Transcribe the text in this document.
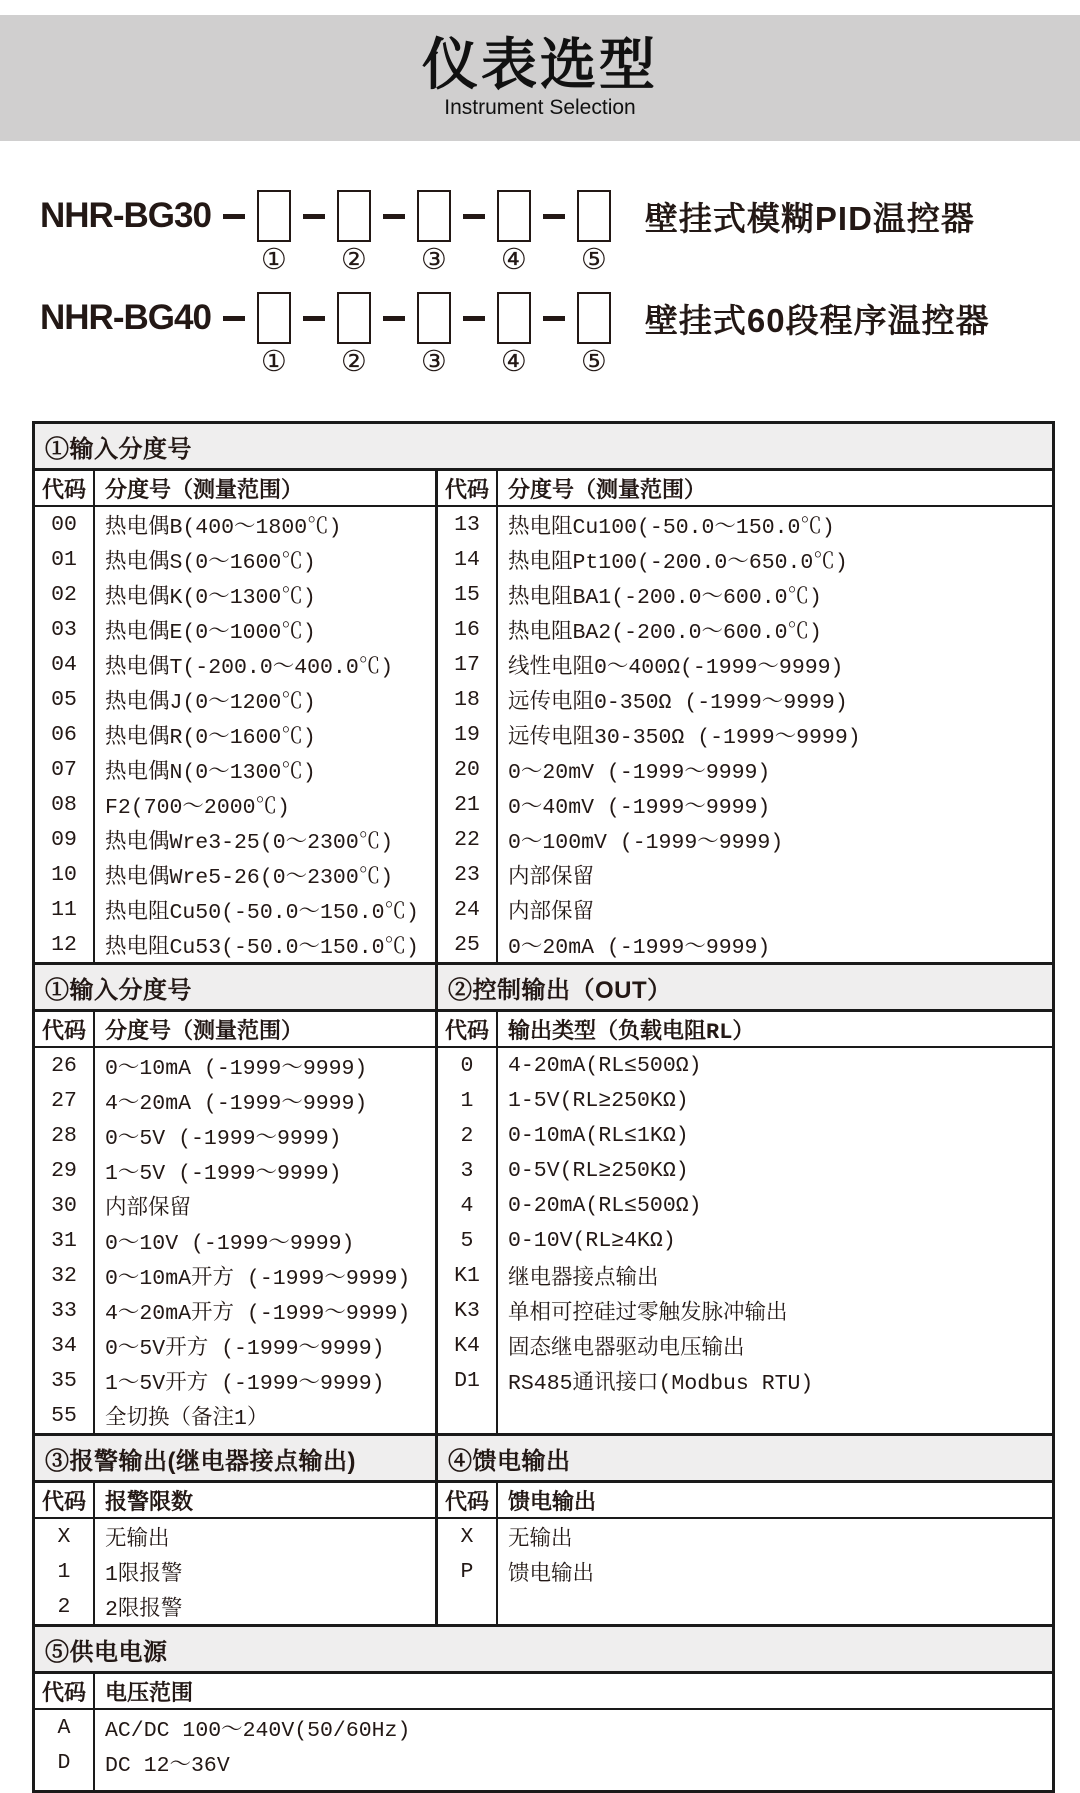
仪表选型
Instrument Selection
NHR-BG30
① ② ③ ④ ⑤
壁挂式模糊PID温控器
NHR-BG40
① ② ③ ④ ⑤
壁挂式60段程序温控器
①输入分度号
代码 分度号（测量范围）
00	热电偶B(400～1800℃)
01	热电偶S(0～1600℃)
02	热电偶K(0～1300℃)
03	热电偶E(0～1000℃)
04	热电偶T(-200.0～400.0℃)
05	热电偶J(0～1200℃)
06	热电偶R(0～1600℃)
07	热电偶N(0～1300℃)
08	F2(700～2000℃)
09	热电偶Wre3-25(0～2300℃)
10	热电偶Wre5-26(0～2300℃)
11	热电阻Cu50(-50.0～150.0℃)
12	热电阻Cu53(-50.0～150.0℃)
代码 分度号（测量范围）
13	热电阻Cu100(-50.0～150.0℃)
14	热电阻Pt100(-200.0～650.0℃)
15	热电阻BA1(-200.0～600.0℃)
16	热电阻BA2(-200.0～600.0℃)
17	线性电阻0～400Ω(-1999～9999)
18	远传电阻0-350Ω (-1999～9999)
19	远传电阻30-350Ω (-1999～9999)
20	0～20mV (-1999～9999)
21	0～40mV (-1999～9999)
22	0～100mV (-1999～9999)
23	内部保留
24	内部保留
25	0～20mA (-1999～9999)
①输入分度号	②控制输出（OUT）
代码 分度号（测量范围）
26	0～10mA (-1999～9999)
27	4～20mA (-1999～9999)
28	0～5V (-1999～9999)
29	1～5V (-1999～9999)
30	内部保留
31	0～10V (-1999～9999)
32	0～10mA开方 (-1999～9999)
33	4～20mA开方 (-1999～9999)
34	0～5V开方 (-1999～9999)
35	1～5V开方 (-1999～9999)
55	全切换（备注1）
代码 输出类型（负载电阻RL）
0	4-20mA(RL≤500Ω)
1	1-5V(RL≥250KΩ)
2	0-10mA(RL≤1KΩ)
3	0-5V(RL≥250KΩ)
4	0-20mA(RL≤500Ω)
5	0-10V(RL≥4KΩ)
K1	继电器接点输出
K3	单相可控硅过零触发脉冲输出
K4	固态继电器驱动电压输出
D1	RS485通讯接口(Modbus RTU)
③报警输出(继电器接点输出)	④馈电输出
代码 报警限数
X	无输出
1	1限报警
2	2限报警
代码 馈电输出
X	无输出
P	馈电输出
⑤供电电源
代码 电压范围
A	AC/DC 100～240V(50/60Hz)
D	DC 12～36V
